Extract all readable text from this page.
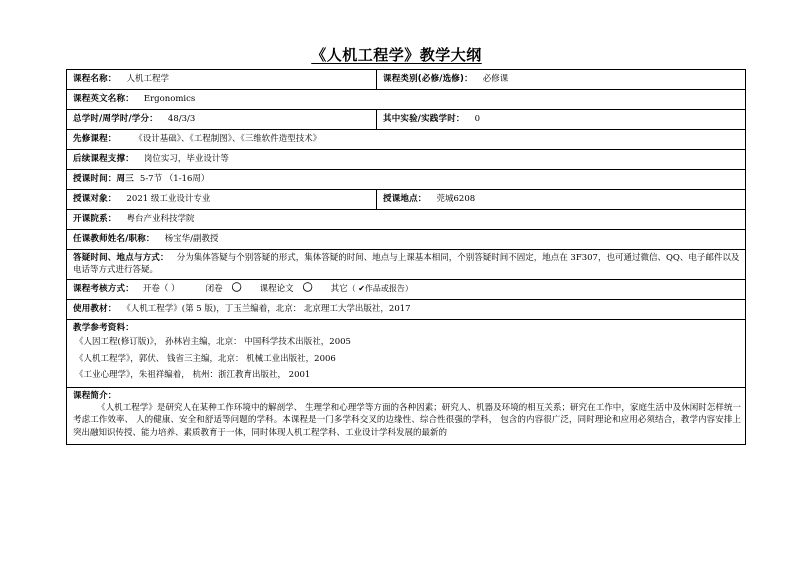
《人机工程学》教学大纲
课程名称： 人机工程学	课程类别(必修/选修)： 必修课
课程英文名称： Ergonomics	
总学时/周学时/学分： 48/3/3	其中实验/实践学时： 0
先修课程： 《设计基础》、《工程制图》、《三维软件造型技术》	
后续课程支撑： 岗位实习，毕业设计等	
授课时间：周三 5-7节 （1-16周）	
授课对象： 2021 级工业设计专业	授课地点： 莞城6208
开课院系： 粤台产业科技学院	
任课教师姓名/职称： 杨宝华/副教授	
答疑时间、地点与方式： 分为集体答疑与个别答疑的形式，集体答疑的时间、地点与上课基本相同，个别答疑时间不固定，地点在 3F307，也可通过微信、QQ、电子邮件以及电话等方式进行答疑。	
课程考核方式： 开卷（ ） 闭卷 〇 课程论文 〇 其它（ ✔作品或报告）	
使用教材： 《人机工程学》(第 5 版)，丁玉兰编着，北京： 北京理工大学出版社，2017	

教学参考资料：
《人因工程(修订版)》， 孙林岩主编，北京： 中国科学技术出版社，2005
《人机工程学》，郭伏、 钱省三主编，北京： 机械工业出版社，2006
《工业心理学》，朱祖祥编着， 杭州：浙江教育出版社， 2001	

课程简介：
《人机工程学》是研究人在某种工作环境中的解剖学、 生理学和心理学等方面的各种因素；研究人、机器及环境的相互关系；研究在工作中，家庭生活中及休闲时怎样统一考虑工作效率、 人的健康、安全和舒适等问题的学科。本课程是一门多学科交叉的边缘性、综合性很强的学科， 包含的内容很广泛，同时理论和应用必须结合，教学内容安排上突出融知识传授、能力培养、素质教育于一体，同时体现人机工程学科、工业设计学科发展的最新的	
